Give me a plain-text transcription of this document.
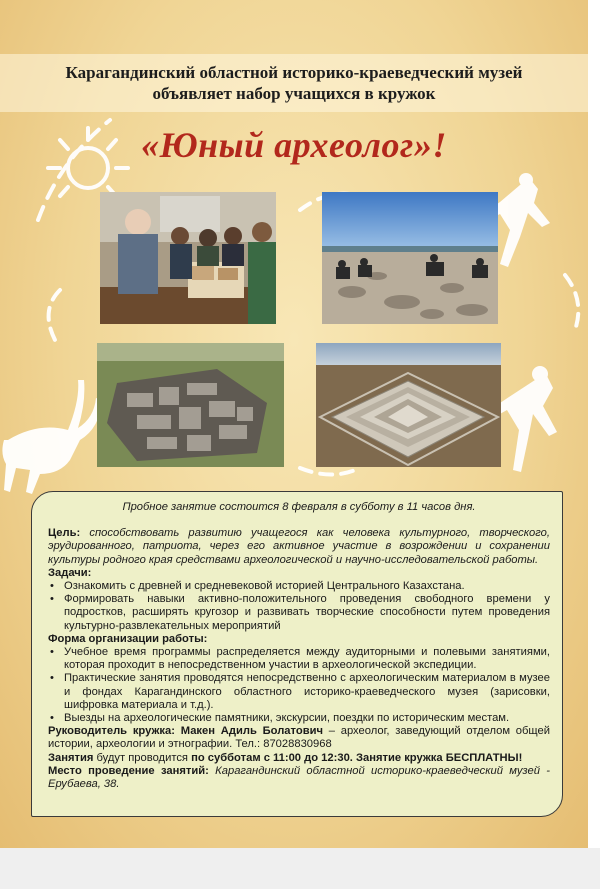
Карагандинский областной историко-краеведческий музей
объявляет набор учащихся в кружок
«Юный археолог»!

Пробное занятие состоится 8 февраля в субботу в 11 часов дня.

Цель: способствовать развитию учащегося как человека культурного, творческого, эрудированного, патриота, через его активное участие в возрождении и сохранении культуры родного края средствами археологической и научно-исследовательской работы.

Задачи:

• Ознакомить с древней и средневековой историей Центрального Казахстана.
• Формировать навыки активно-положительного проведения свободного времени у подростков, расширять кругозор и развивать творческие способности путем проведения культурно-развлекательных мероприятий

Форма организации работы:

• Учебное время программы распределяется между аудиторными и полевыми занятиями, которая проходит в непосредственном участии в археологической экспедиции.
• Практические занятия проводятся непосредственно с археологическим материалом в музее и фондах Карагандинского областного историко-краеведческого музея (зарисовки, шифровка материала и т.д.).
• Выезды на археологические памятники, экскурсии, поездки по историческим местам.

Руководитель кружка: Макен Адиль Болатович – археолог, заведующий отделом общей истории, археологии и этнографии. Тел.: 87028830968

Занятия будут проводится по субботам с 11:00 до 12:30. Занятие кружка БЕСПЛАТНЫ!

Место проведение занятий: Карагандинский областной историко-краеведческий музей - Ерубаева, 38.
